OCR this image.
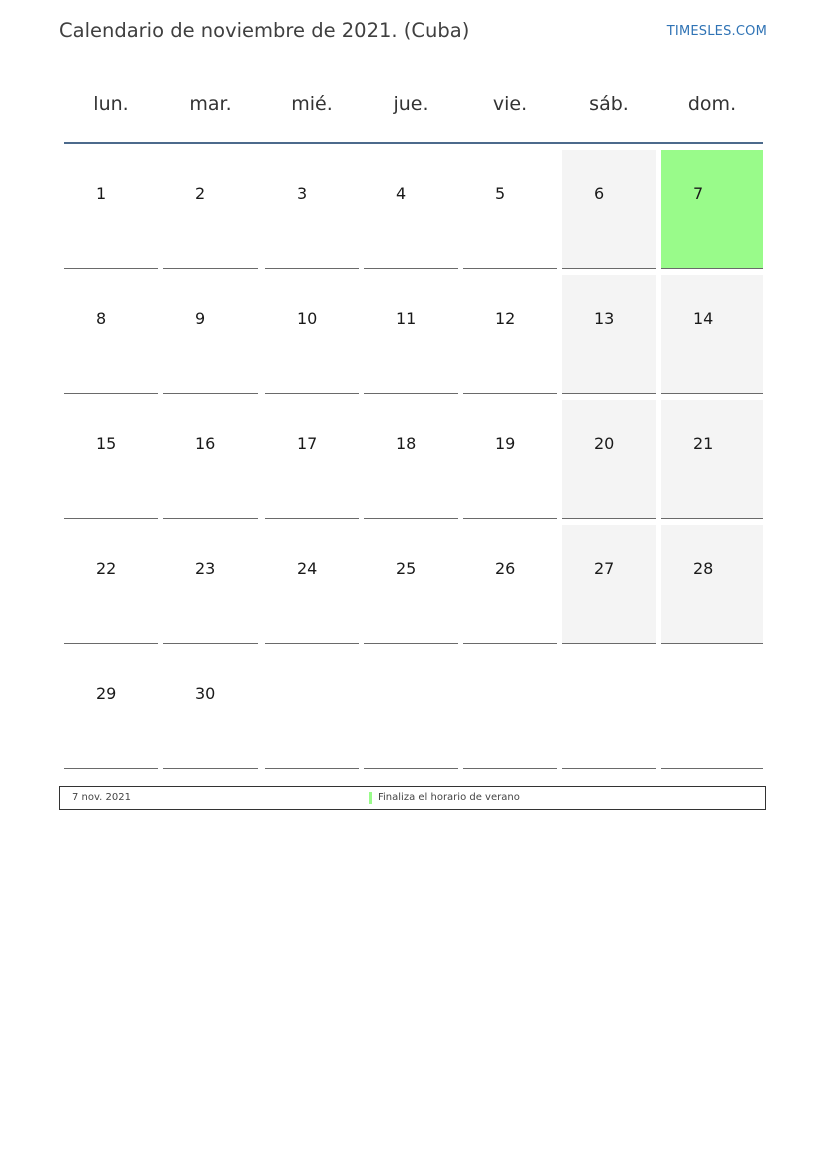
Calendario de noviembre de 2021. (Cuba)	TIMESLES.COM
lun.	mar.	mié.	jue.	vie.	sáb.	dom.
1	2	3	4	5	6	7
8	9	10	11	12	13	14
15	16	17	18	19	20	21
22	23	24	25	26	27	28
29	30
7 nov. 2021	Finaliza el horario de verano
